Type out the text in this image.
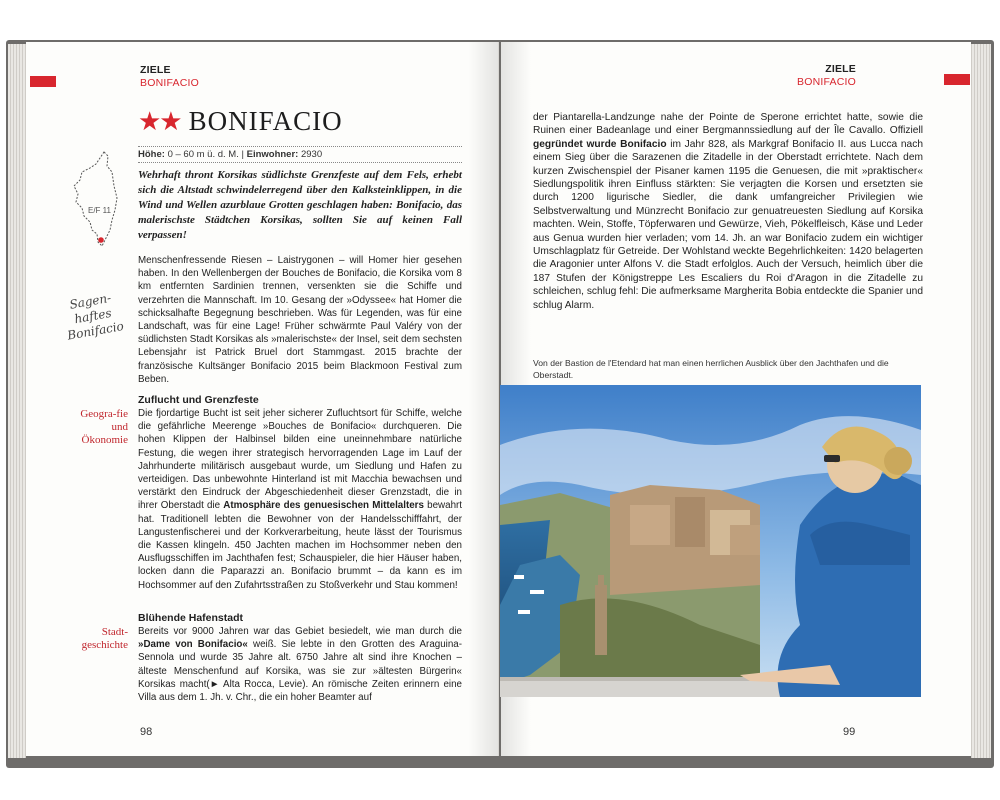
ZIELE
BONIFACIO
★★ BONIFACIO
Höhe: 0 – 60 m ü. d. M. | Einwohner: 2930
E/F 11
Wehrhaft thront Korsikas südlichste Grenzfeste auf dem Fels, erhebt sich die Altstadt schwindelerregend über den Kalksteinklippen, in die Wind und Wellen azurblaue Grotten geschlagen haben: Bonifacio, das malerischste Städtchen Korsikas, sollten Sie auf keinen Fall verpassen!
Sagen-haftes Bonifacio
Menschenfressende Riesen – Laistrygonen – will Homer hier gesehen haben. In den Wellenbergen der Bouches de Bonifacio, die Korsika vom 8 km entfernten Sardinien trennen, versenkten sie die Schiffe und verzehrten die Mannschaft. Im 10. Gesang der »Odyssee« hat Homer die schicksalhafte Begegnung beschrieben. Was für Legenden, was für eine Landschaft, was für eine Lage! Früher schwärmte Paul Valéry von der südlichsten Stadt Korsikas als »malerischste« der Insel, seit dem sechsten Lebensjahr ist Patrick Bruel dort Stammgast. 2015 brachte der französische Kultsänger Bonifacio 2015 beim Blackmoon Festival zum Beben.
Zuflucht und Grenzfeste
Geogra-fie und Ökonomie
Die fjordartige Bucht ist seit jeher sicherer Zufluchtsort für Schiffe, welche die gefährliche Meerenge »Bouches de Bonifacio« durchqueren. Die hohen Klippen der Halbinsel bilden eine uneinnehmbare natürliche Festung, die wegen ihrer strategisch hervorragenden Lage im Lauf der Jahrhunderte militärisch ausgebaut wurde, um Siedlung und Hafen zu verteidigen. Das unbewohnte Hinterland ist mit Macchia bewachsen und verstärkt den Eindruck der Abgeschiedenheit dieser Grenzstadt, die in ihrer Oberstadt die Atmosphäre des genuesischen Mittelalters bewahrt hat. Traditionell lebten die Bewohner von der Handelsschifffahrt, der Langustenfischerei und der Korkverarbeitung, heute lässt der Tourismus die Kassen klingeln. 450 Jachten machen im Hochsommer neben den Ausflugsschiffen im Jachthafen fest; Schauspieler, die hier Häuser haben, locken dann die Paparazzi an. Bonifacio brummt – da kann es im Hochsommer auf den Zufahrtsstraßen zu Stoßverkehr und Stau kommen!
Blühende Hafenstadt
Stadt-geschichte
Bereits vor 9000 Jahren war das Gebiet besiedelt, wie man durch die »Dame von Bonifacio« weiß. Sie lebte in den Grotten des Araguina-Sennola und wurde 35 Jahre alt. 6750 Jahre alt sind ihre Knochen – älteste Menschenfund auf Korsika, was sie zur »ältesten Bürgerin« Korsikas macht(► Alta Rocca, Levie). An römische Zeiten erinnern eine Villa aus dem 1. Jh. v. Chr., die ein hoher Beamter auf
98
ZIELE
BONIFACIO
der Piantarella-Landzunge nahe der Pointe de Sperone errichtet hatte, sowie die Ruinen einer Badeanlage und einer Bergmannssiedlung auf der Île Cavallo. Offiziell gegründet wurde Bonifacio im Jahr 828, als Markgraf Bonifacio II. aus Lucca nach einem Sieg über die Sarazenen die Zitadelle in der Oberstadt errichtete. Nach dem kurzen Zwischenspiel der Pisaner kamen 1195 die Genuesen, die mit »praktischer« Siedlungspolitik ihren Einfluss stärkten: Sie verjagten die Korsen und ersetzten sie durch 1200 ligurische Siedler, die dank umfangreicher Privilegien wie Selbstverwaltung und Münzrecht Bonifacio zur genuatreuesten Siedlung auf Korsika machten. Wein, Stoffe, Töpferwaren und Gewürze, Vieh, Pökelfleisch, Käse und Leder aus Genua wurden hier verladen; vom 14. Jh. an war Bonifacio zudem ein wichtiger Umschlagplatz für Getreide. Der Wohlstand weckte Begehrlichkeiten: 1420 belagerten die Aragonier unter Alfons V. die Stadt erfolglos. Auch der Versuch, heimlich über die 187 Stufen der Königstreppe Les Escaliers du Roi d'Aragon in die Zitadelle zu schleichen, schlug fehl: Die aufmerksame Margherita Bobia entdeckte die Spanier und schlug Alarm.
Von der Bastion de l'Etendard hat man einen herrlichen Ausblick über den Jachthafen und die Oberstadt.
99
